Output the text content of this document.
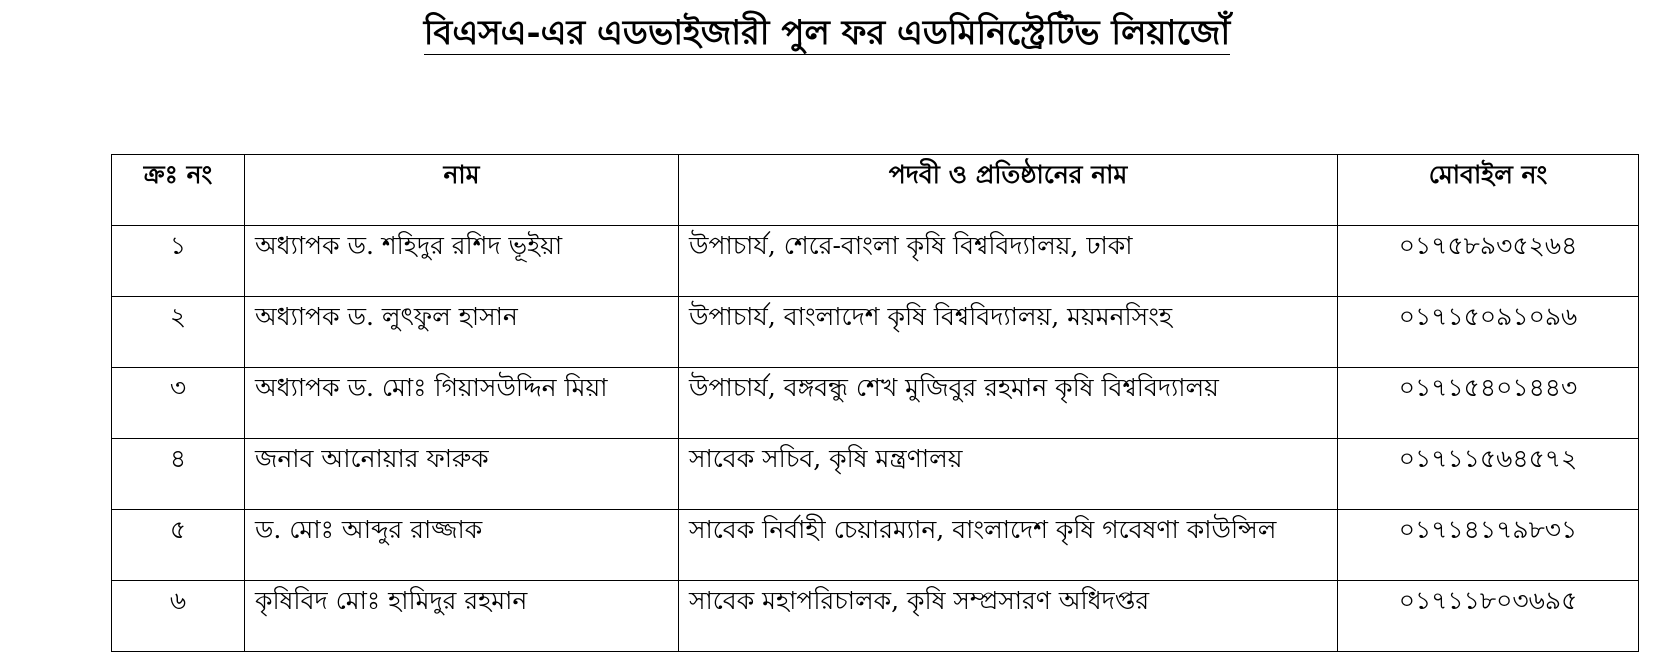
বিএসএ-এর এডভাইজারী পুল ফর এডমিনিস্ট্রেটিভ লিয়াজোঁ
ক্রঃ নং	নাম	পদবী ও প্রতিষ্ঠানের নাম	মোবাইল নং
১	অধ্যাপক ড. শহিদুর রশিদ ভূইয়া	উপাচার্য, শেরে-বাংলা কৃষি বিশ্ববিদ্যালয়, ঢাকা	০১৭৫৮৯৩৫২৬৪
২	অধ্যাপক ড. লুৎফুল হাসান	উপাচার্য, বাংলাদেশ কৃষি বিশ্ববিদ্যালয়, ময়মনসিংহ	০১৭১৫০৯১০৯৬
৩	অধ্যাপক ড. মোঃ গিয়াসউদ্দিন মিয়া	উপাচার্য, বঙ্গবন্ধু শেখ মুজিবুর রহমান কৃষি বিশ্ববিদ্যালয়	০১৭১৫৪০১৪৪৩
৪	জনাব আনোয়ার ফারুক	সাবেক সচিব, কৃষি মন্ত্রণালয়	০১৭১১৫৬৪৫৭২
৫	ড. মোঃ আব্দুর রাজ্জাক	সাবেক নির্বাহী চেয়ারম্যান, বাংলাদেশ কৃষি গবেষণা কাউন্সিল	০১৭১৪১৭৯৮৩১
৬	কৃষিবিদ মোঃ হামিদুর রহমান	সাবেক মহাপরিচালক, কৃষি সম্প্রসারণ অধিদপ্তর	০১৭১১৮০৩৬৯৫
